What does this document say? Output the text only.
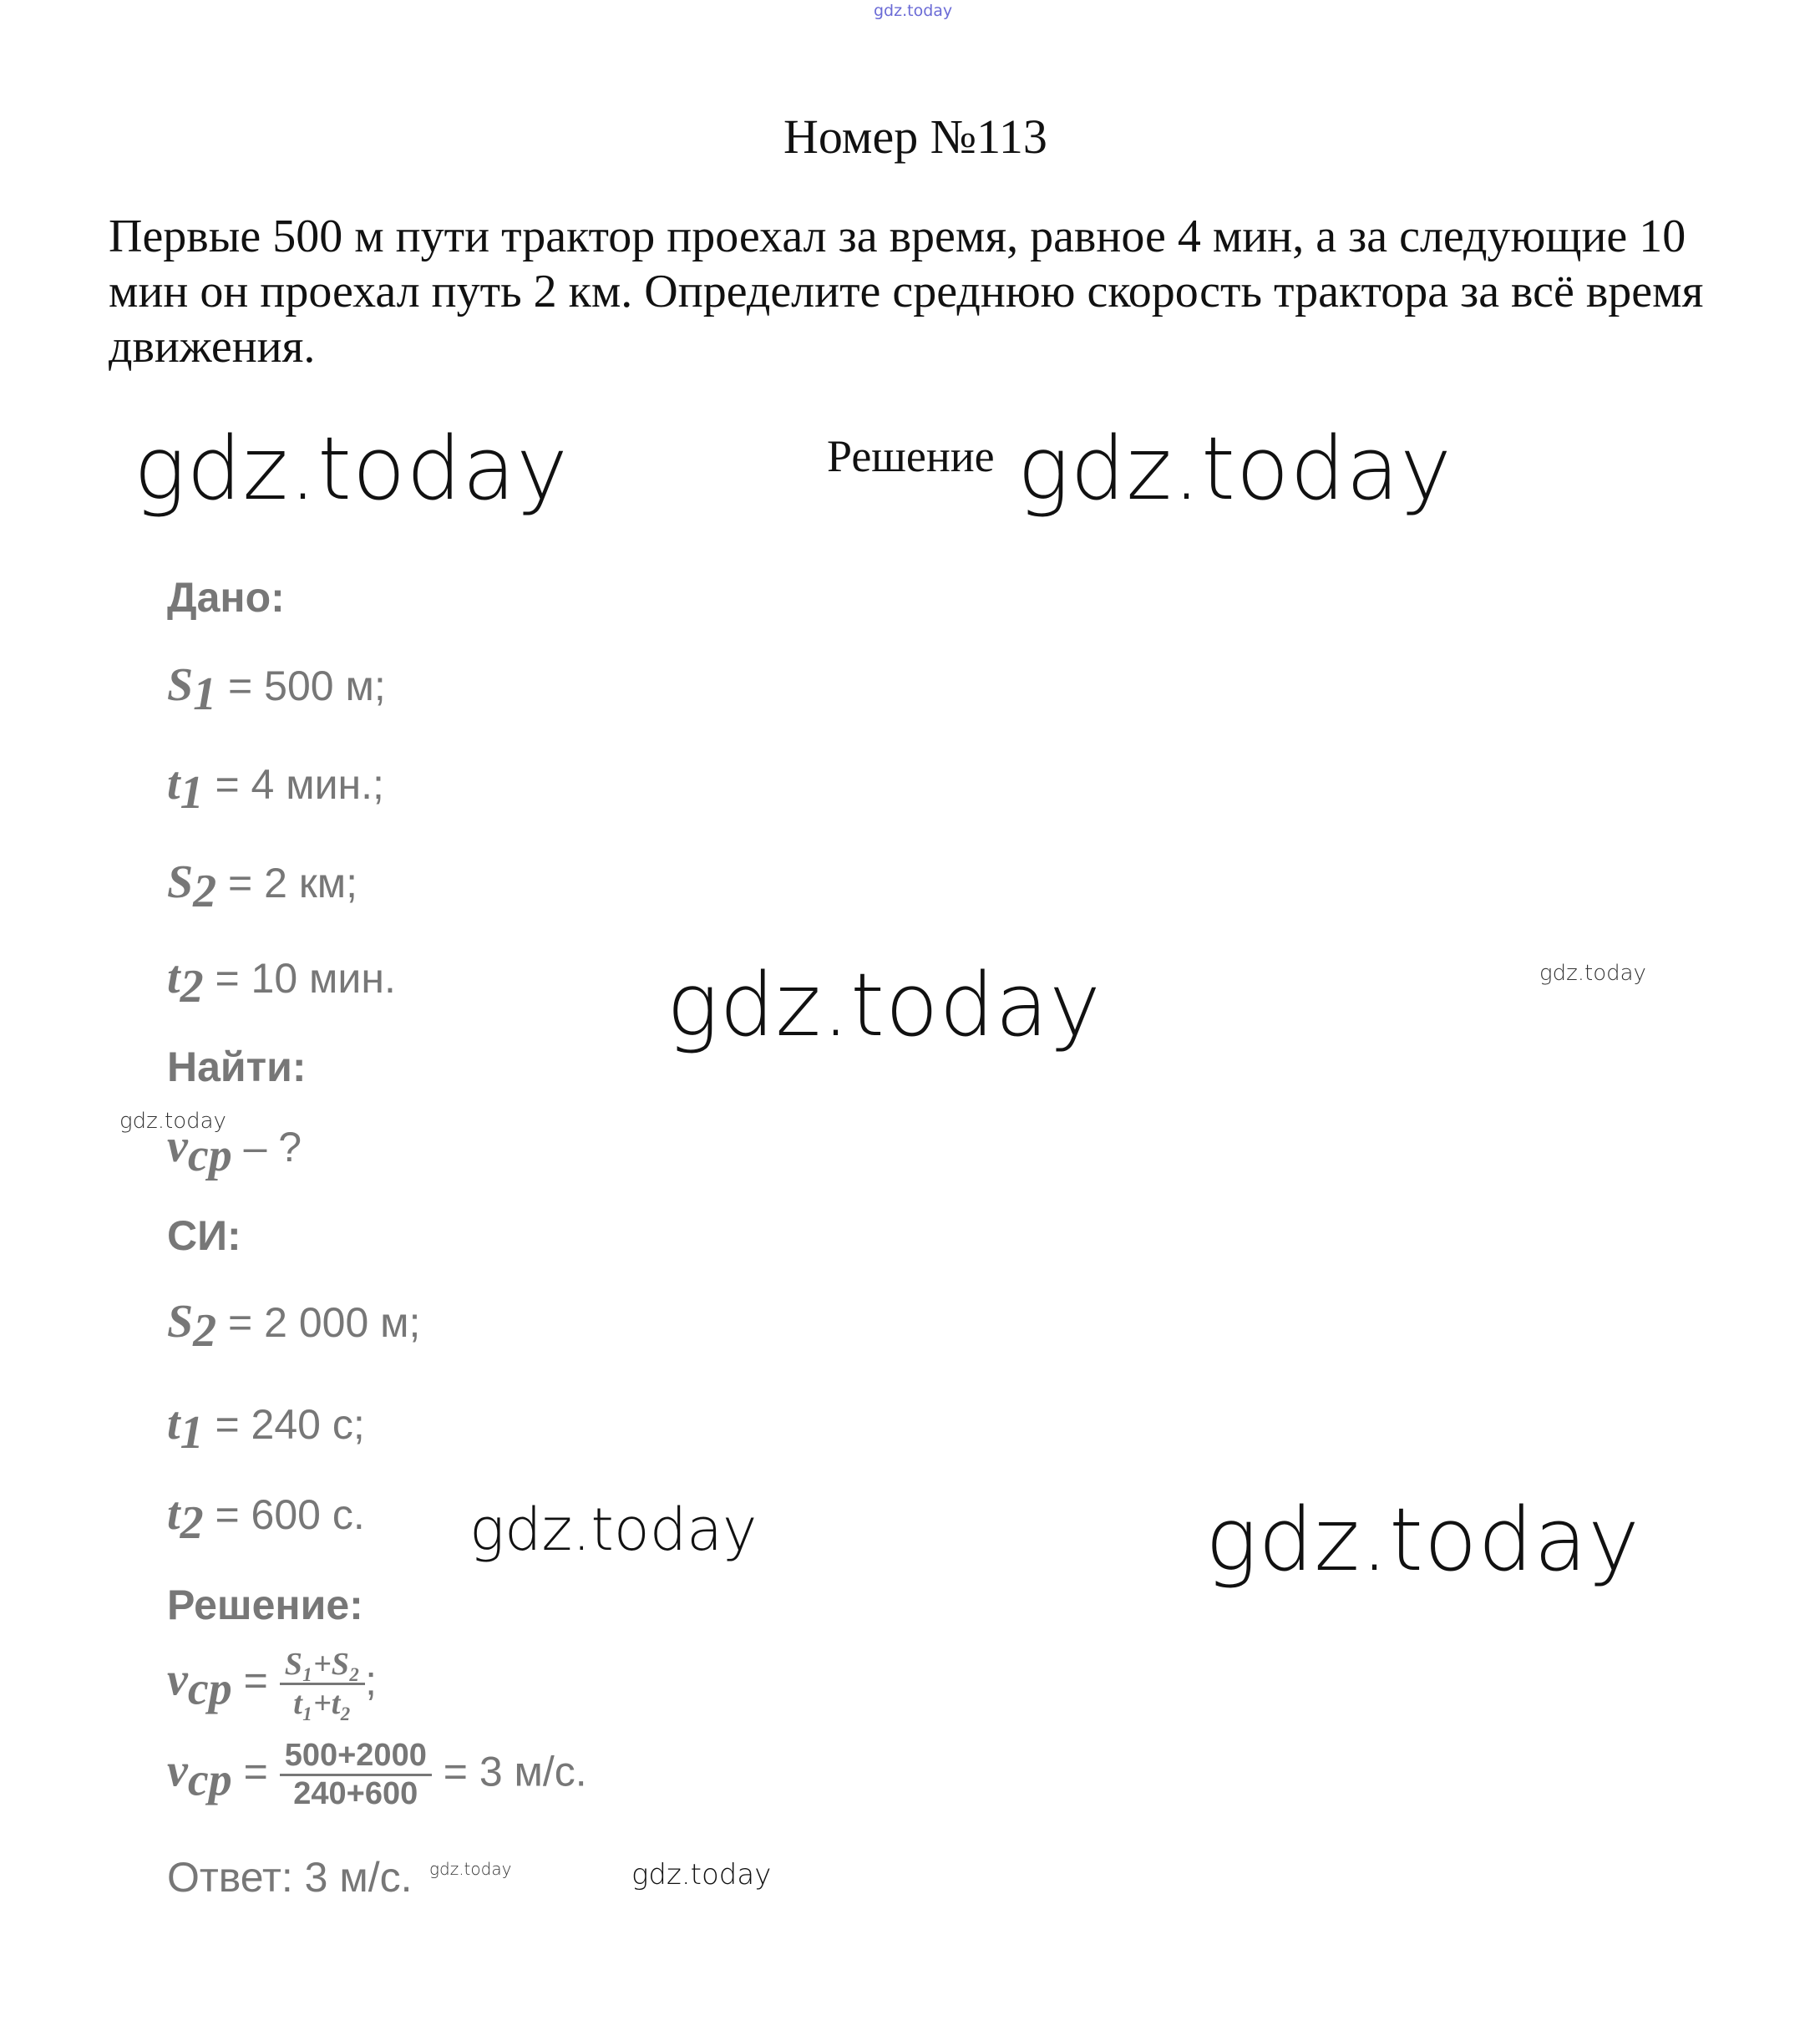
gdz.today
Номер №113
Первые 500 м пути трактор проехал за время, равное 4 мин, а за следующие 10 мин он проехал путь 2 км. Определите среднюю скорость трактора за всё время движения.
Решение
gdz.today	gdz.today
gdz.today	gdz.today
gdz.today
gdz.today	gdz.today
gdz.today	gdz.today
Дано:
$S_1 = 500$ м;
$t_1 = 4$ мин.;
$S_2 = 2$ км;
$t_2 = 10$ мин.
Найти:
$v_{ср}$ – ?
СИ:
$S_2 = 2$ 000 м;
$t_1 = 240$ с;
$t_2 = 600$ с.
Решение:
$v_{ср} = \frac{\text{S₁+S₂}}{\text{t₁+t₂}}$ ;
$v_{ср} = \frac{500+2000}{240+600} = 3$ м/с.
Ответ: 3 м/с.
